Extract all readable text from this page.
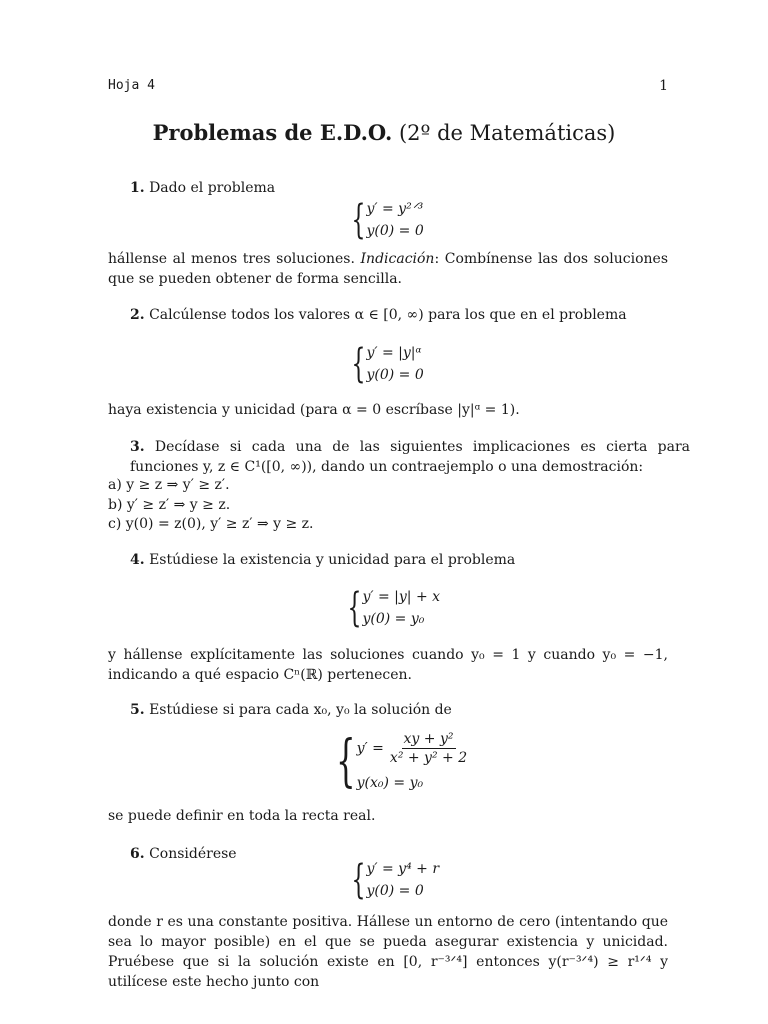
Hoja 4	1
Problemas de E.D.O. (2º de Matemáticas)

1. Dado el problema

{ y′ = y²ᐟ³
y(0) = 0

hállense al menos tres soluciones. Indicación: Combínense las dos soluciones que se pueden obtener de forma sencilla.

2. Calcúlense todos los valores α ∈ [0, ∞) para los que en el problema

{ y′ = |y|ᵅ
y(0) = 0

haya existencia y unicidad (para α = 0 escríbase |y|ᵅ = 1).

3. Decídase si cada una de las siguientes implicaciones es cierta para funciones y, z ∈ C¹([0, ∞)), dando un contraejemplo o una demostración:

a) y ≥ z ⇒ y′ ≥ z′.

b) y′ ≥ z′ ⇒ y ≥ z.

c) y(0) = z(0), y′ ≥ z′ ⇒ y ≥ z.

4. Estúdiese la existencia y unicidad para el problema

{ y′ = |y| + x
y(0) = y₀

y hállense explícitamente las soluciones cuando y₀ = 1 y cuando y₀ = −1, indicando a qué espacio Cⁿ(ℝ) pertenecen.

5. Estúdiese si para cada x₀, y₀ la solución de

{ $y' = \frac{\text{xy + y²}}{\text{x² + y² + 2}}$
y(x₀) = y₀

se puede definir en toda la recta real.

6. Considérese

{ y′ = y⁴ + r
y(0) = 0

donde r es una constante positiva. Hállese un entorno de cero (intentando que sea lo mayor posible) en el que se pueda asegurar existencia y unicidad. Pruébese que si la solución existe en [0, r⁻³ᐟ⁴] entonces y(r⁻³ᐟ⁴) ≥ r¹ᐟ⁴ y utilícese este hecho junto con
